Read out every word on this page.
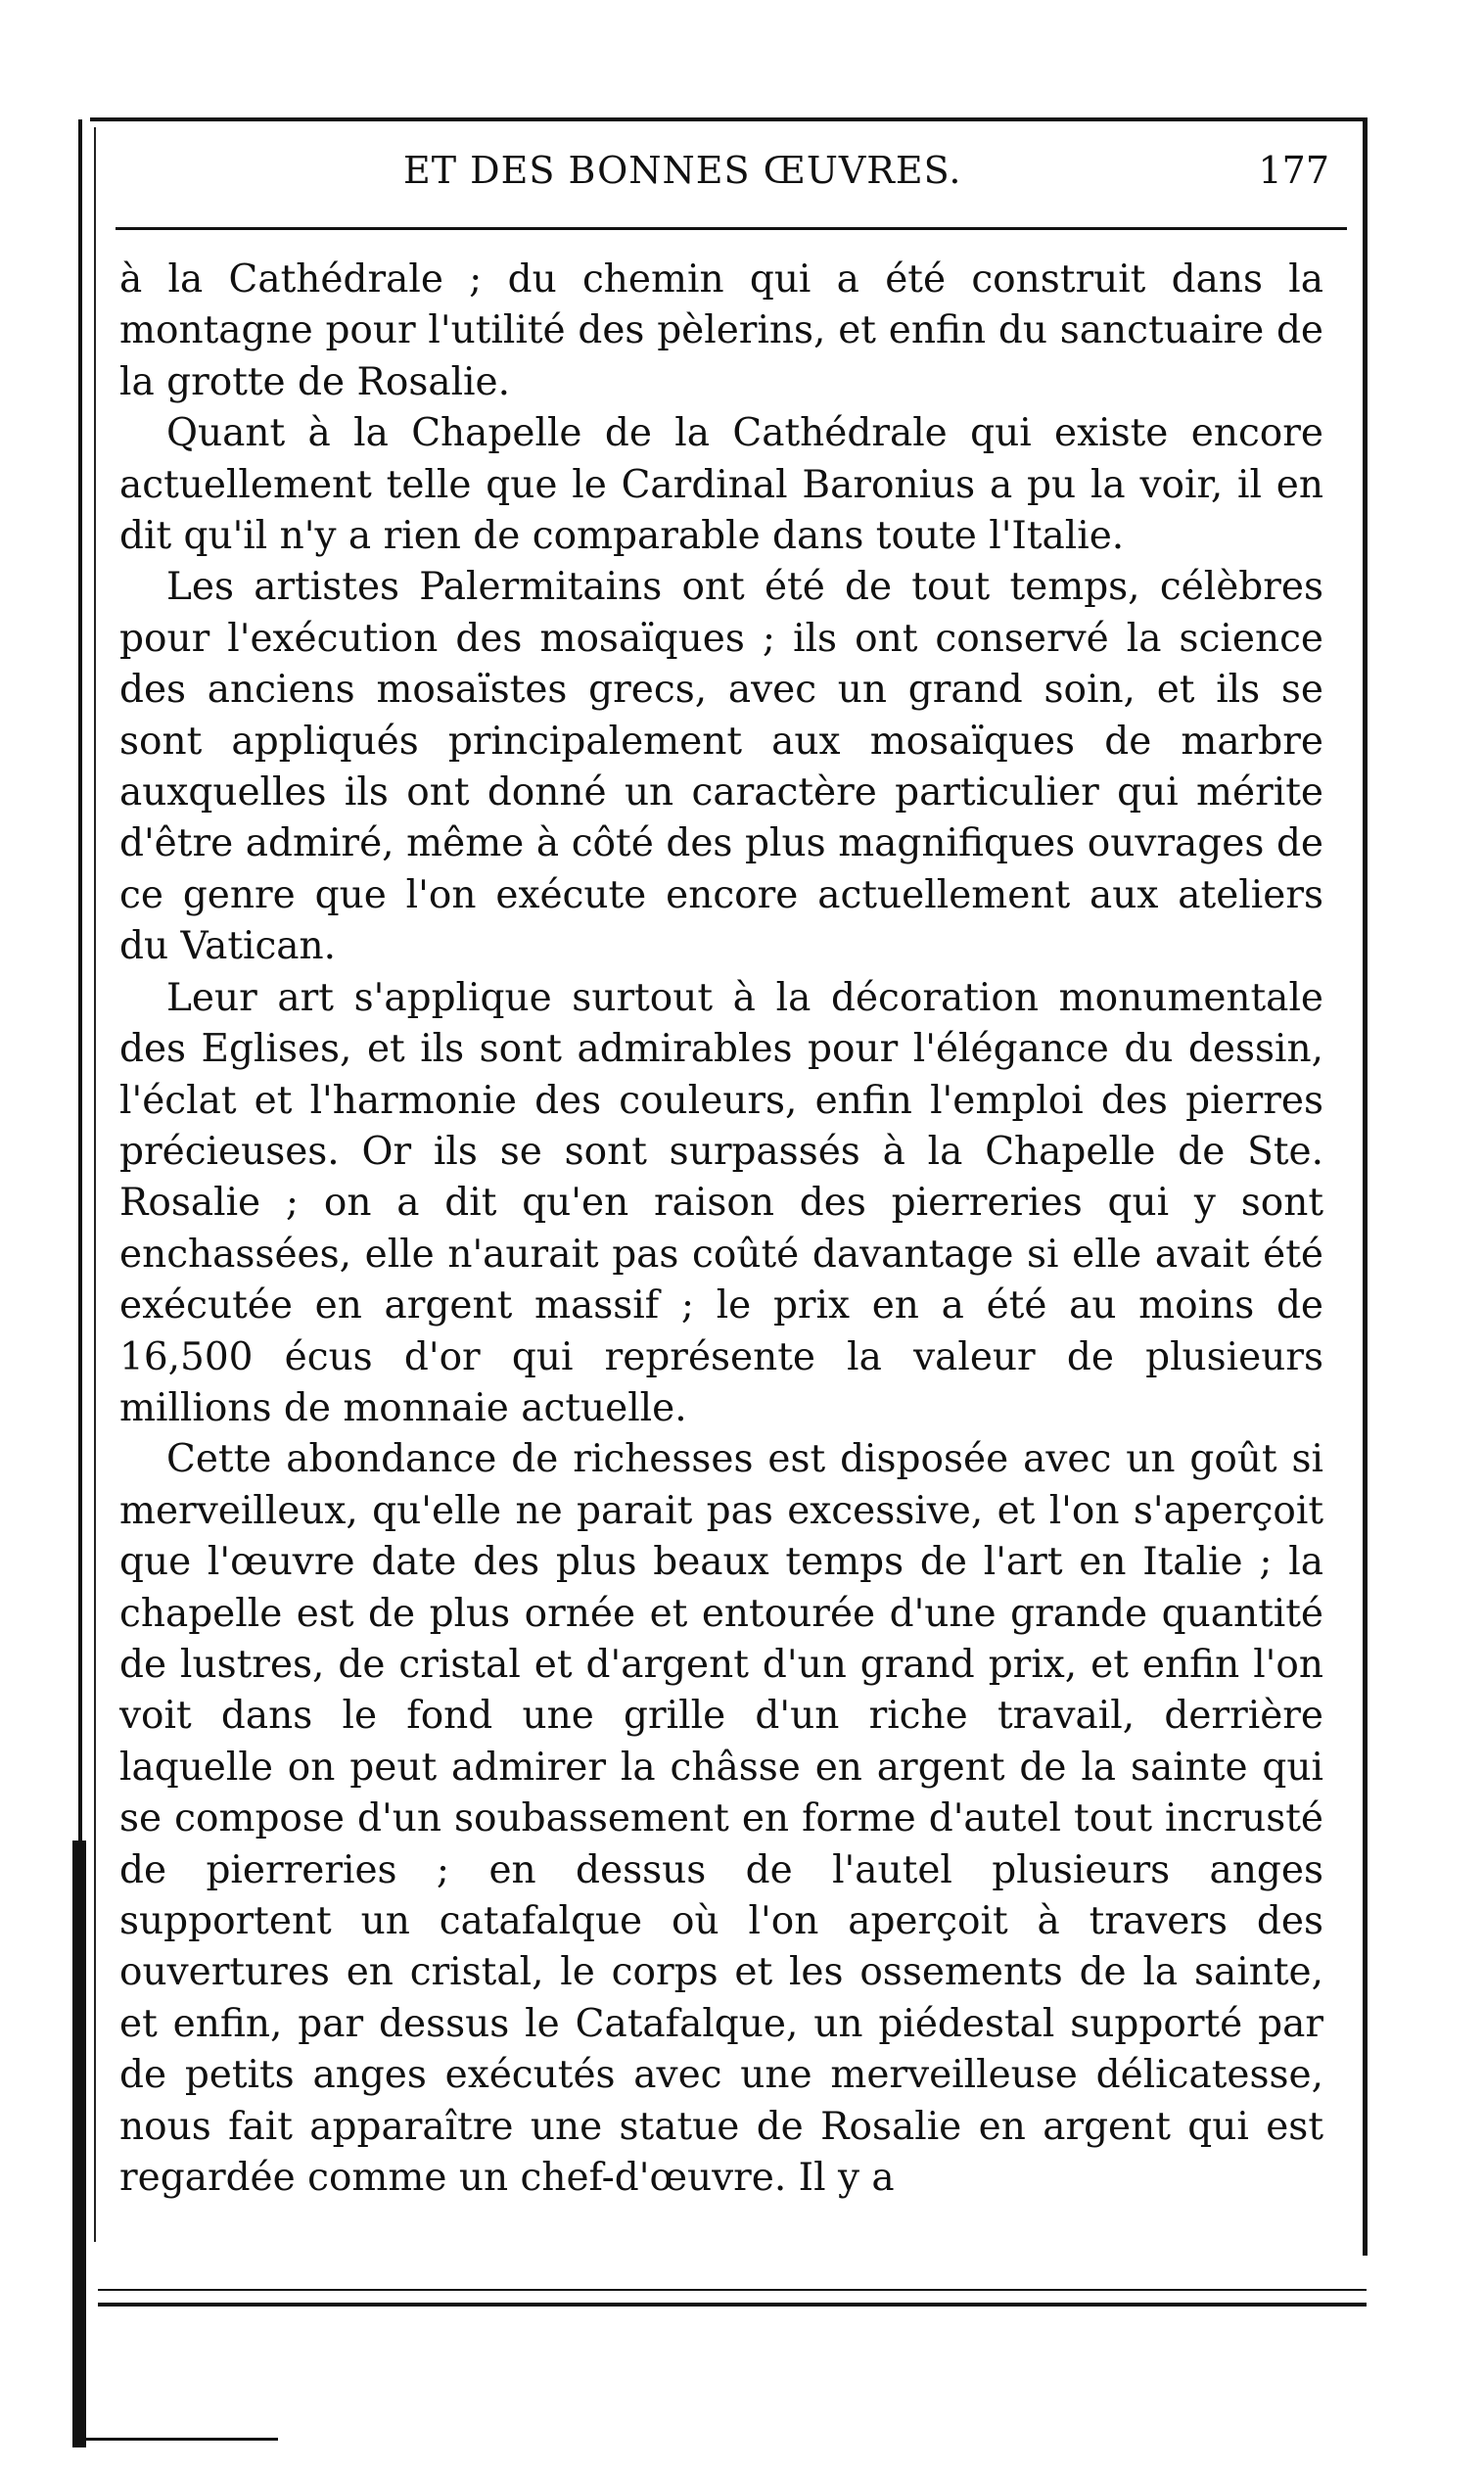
ET DES BONNES ŒUVRES.	177

à la Cathédrale ; du chemin qui a été construit dans la montagne pour l'utilité des pèlerins, et enfin du sanctuaire de la grotte de Rosalie.

Quant à la Chapelle de la Cathédrale qui existe encore actuellement telle que le Cardinal Baronius a pu la voir, il en dit qu'il n'y a rien de comparable dans toute l'Italie.

Les artistes Palermitains ont été de tout temps, célèbres pour l'exécution des mosaïques ; ils ont conservé la science des anciens mosaïstes grecs, avec un grand soin, et ils se sont appliqués principalement aux mosaïques de marbre auxquelles ils ont donné un caractère particulier qui mérite d'être admiré, même à côté des plus magnifiques ouvrages de ce genre que l'on exécute encore actuellement aux ateliers du Vatican.

Leur art s'applique surtout à la décoration monumentale des Eglises, et ils sont admirables pour l'élégance du dessin, l'éclat et l'harmonie des couleurs, enfin l'emploi des pierres précieuses. Or ils se sont surpassés à la Chapelle de Ste. Rosalie ; on a dit qu'en raison des pierreries qui y sont enchassées, elle n'aurait pas coûté davantage si elle avait été exécutée en argent massif ; le prix en a été au moins de 16,500 écus d'or qui représente la valeur de plusieurs millions de monnaie actuelle.

Cette abondance de richesses est disposée avec un goût si merveilleux, qu'elle ne parait pas excessive, et l'on s'aperçoit que l'œuvre date des plus beaux temps de l'art en Italie ; la chapelle est de plus ornée et entourée d'une grande quantité de lustres, de cristal et d'argent d'un grand prix, et enfin l'on voit dans le fond une grille d'un riche travail, derrière laquelle on peut admirer la châsse en argent de la sainte qui se compose d'un soubassement en forme d'autel tout incrusté de pierreries ; en dessus de l'autel plusieurs anges supportent un catafalque où l'on aperçoit à travers des ouvertures en cristal, le corps et les ossements de la sainte, et enfin, par dessus le Catafalque, un piédestal supporté par de petits anges exécutés avec une merveilleuse délicatesse, nous fait apparaître une statue de Rosalie en argent qui est regardée comme un chef-d'œuvre. Il y a
